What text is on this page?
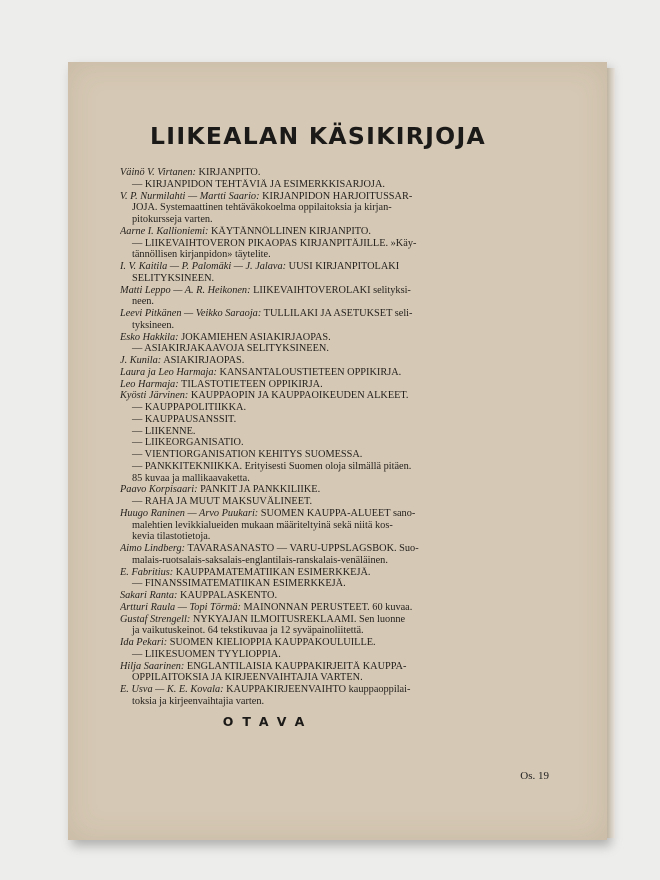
LIIKEALAN KÄSIKIRJOJA
Väinö V. Virtanen: KIRJANPITO.
— KIRJANPIDON TEHTÄVIÄ JA ESIMERKKISARJOJA.
V. P. Nurmilahti — Martti Saario: KIRJANPIDON HARJOITUSSAR-
JOJA. Systemaattinen tehtäväkokoelma oppilaitoksia ja kirjan-
pitokursseja varten.
Aarne I. Kallioniemi: KÄYTÄNNÖLLINEN KIRJANPITO.
— LIIKEVAIHTOVERON PIKAOPAS KIRJANPITÄJILLE. »Käy-
tännöllisen kirjanpidon» täytelite.
I. V. Kaitila — P. Palomäki — J. Jalava: UUSI KIRJANPITOLAKI
SELITYKSINEEN.
Matti Leppo — A. R. Heikonen: LIIKEVAIHTOVEROLAKI selityksi-
neen.
Leevi Pitkänen — Veikko Saraoja: TULLILAKI JA ASETUKSET seli-
tyksineen.
Esko Hakkila: JOKAMIEHEN ASIAKIRJAOPAS.
— ASIAKIRJAKAAVOJA SELITYKSINEEN.
J. Kunila: ASIAKIRJAOPAS.
Laura ja Leo Harmaja: KANSANTALOUSTIETEEN OPPIKIRJA.
Leo Harmaja: TILASTOTIETEEN OPPIKIRJA.
Kyösti Järvinen: KAUPPAOPIN JA KAUPPAOIKEUDEN ALKEET.
— KAUPPAPOLITIIKKA.
— KAUPPAUSANSSIT.
— LIIKENNE.
— LIIKEORGANISATIO.
— VIENTIORGANISATION KEHITYS SUOMESSA.
— PANKKITEKNIIKKA. Erityisesti Suomen oloja silmällä pitäen.
85 kuvaa ja mallikaavaketta.
Paavo Korpisaari: PANKIT JA PANKKILIIKE.
— RAHA JA MUUT MAKSUVÄLINEET.
Huugo Raninen — Arvo Puukari: SUOMEN KAUPPA-ALUEET sano-
malehtien levikkialueiden mukaan määriteltyinä sekä niitä kos-
kevia tilastotietoja.
Aimo Lindberg: TAVARASANASTO — VARU-UPPSLAGSBOK. Suo-
malais-ruotsalais-saksalais-englantilais-ranskalais-venäläinen.
E. Fabritius: KAUPPAMATEMATIIKAN ESIMERKKEJÄ.
— FINANSSIMATEMATIIKAN ESIMERKKEJÄ.
Sakari Ranta: KAUPPALASKENTO.
Artturi Raula — Topi Törmä: MAINONNAN PERUSTEET. 60 kuvaa.
Gustaf Strengell: NYKYAJAN ILMOITUSREKLAAMI. Sen luonne
ja vaikutuskeinot. 64 tekstikuvaa ja 12 syväpainoliitettä.
Ida Pekari: SUOMEN KIELIOPPIA KAUPPAKOULUILLE.
— LIIKESUOMEN TYYLIOPPIA.
Hilja Saarinen: ENGLANTILAISIA KAUPPAKIRJEITÄ KAUPPA-
OPPILAITOKSIA JA KIRJEENVAIHTAJIA VARTEN.
E. Usva — K. E. Kovala: KAUPPAKIRJEENVAIHTO kauppaoppilai-
toksia ja kirjeenvaihtajia varten.
OTAVA
Os. 19
